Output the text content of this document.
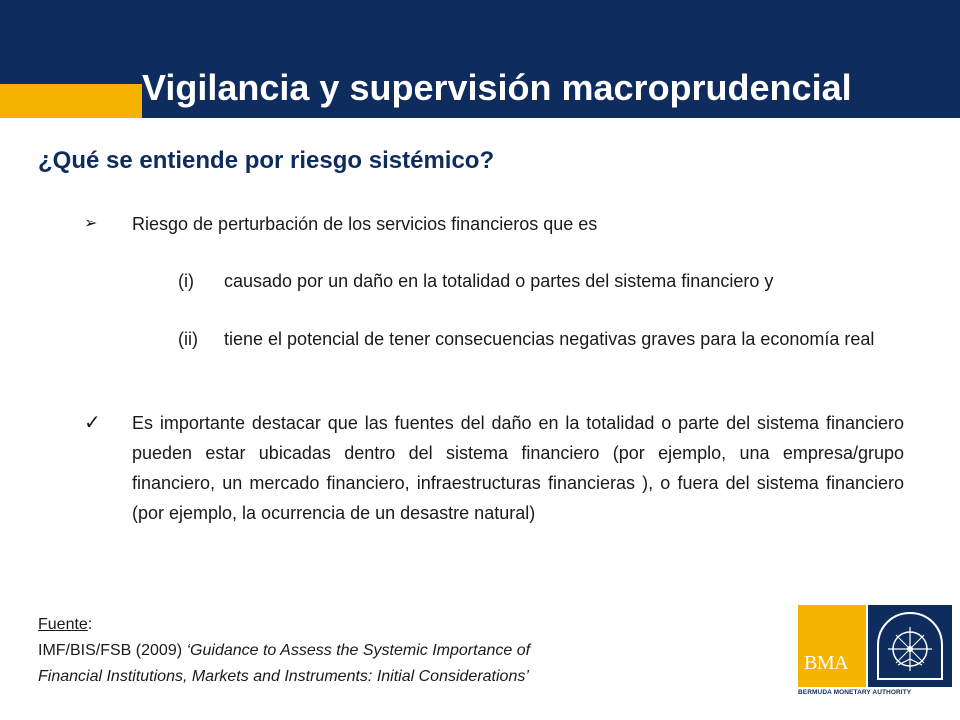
Vigilancia y supervisión macroprudencial
¿Qué se entiende por riesgo sistémico?
➢	Riesgo de perturbación de los servicios financieros que es
(i) causado por un daño en la totalidad o partes del sistema financiero y
(ii) tiene el potencial de tener consecuencias negativas graves para la economía real
✓ Es importante destacar que las fuentes del daño en la totalidad o parte del sistema financiero pueden estar ubicadas dentro del sistema financiero (por ejemplo, una empresa/grupo financiero, un mercado financiero, infraestructuras financieras ), o fuera del sistema financiero (por ejemplo, la ocurrencia de un desastre natural)
Fuente:
IMF/BIS/FSB (2009) ‘Guidance to Assess the Systemic Importance of
Financial Institutions, Markets and Instruments: Initial Considerations’
BMA
BERMUDA MONETARY AUTHORITY
